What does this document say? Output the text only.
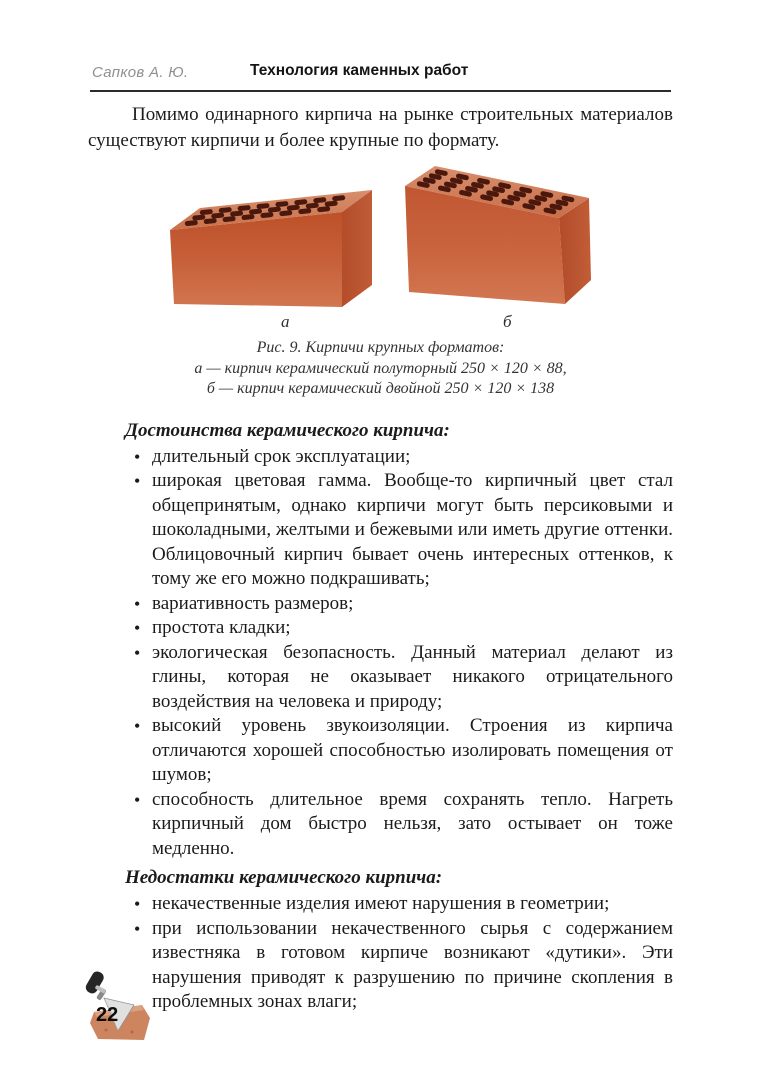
Сапков А. Ю.	Технология каменных работ

Помимо одинарного кирпича на рынке строительных материалов существуют кирпичи и более крупные по формату.

а	б
Рис. 9. Кирпичи крупных форматов:
а — кирпич керамический полуторный 250 × 120 × 88,
б — кирпич керамический двойной 250 × 120 × 138
Достоинства керамического кирпича:
• длительный срок эксплуатации;
• широкая цветовая гамма. Вообще-то кирпичный цвет стал общепринятым, однако кирпичи могут быть персиковыми и шоколадными, желтыми и бежевыми или иметь другие оттенки. Облицовочный кирпич бывает очень интересных оттенков, к тому же его можно подкрашивать;
• вариативность размеров;
• простота кладки;
• экологическая безопасность. Данный материал делают из глины, которая не оказывает никакого отрицательного воздействия на человека и природу;
• высокий уровень звукоизоляции. Строения из кирпича отличаются хорошей способностью изолировать помещения от шумов;
• способность длительное время сохранять тепло. Нагреть кирпичный дом быстро нельзя, зато остывает он тоже медленно.
Недостатки керамического кирпича:
• некачественные изделия имеют нарушения в геометрии;
• при использовании некачественного сырья с содержанием известняка в готовом кирпиче возникают «дутики». Эти нарушения приводят к разрушению по причине скопления в проблемных зонах влаги;
22
